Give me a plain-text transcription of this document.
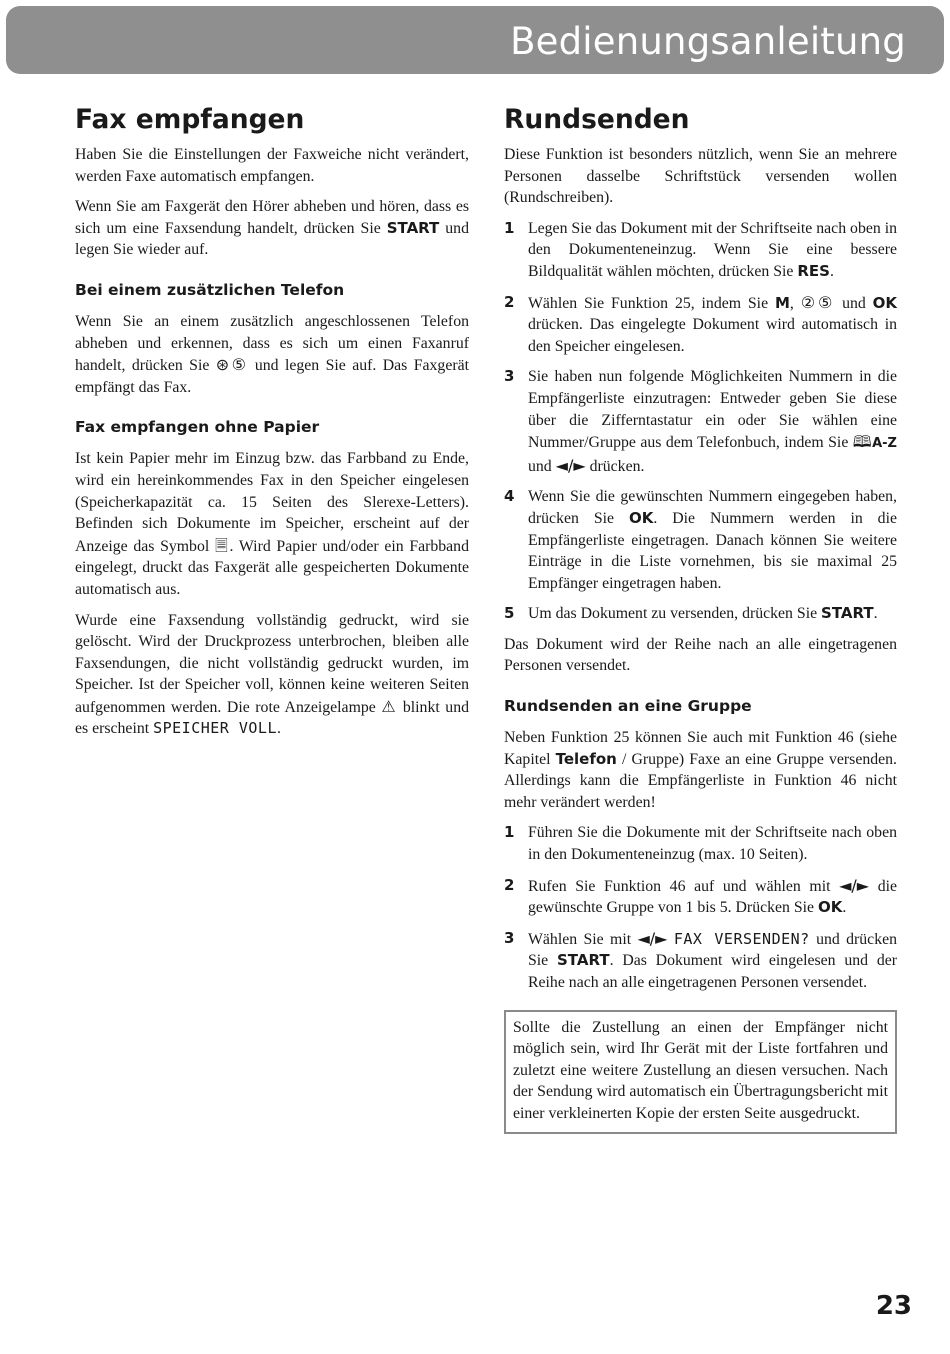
Bedienungsanleitung
Fax empfangen

Haben Sie die Einstellungen der Faxweiche nicht verändert, werden Faxe automatisch empfangen.

Wenn Sie am Faxgerät den Hörer abheben und hören, dass es sich um eine Faxsendung handelt, drücken Sie START und legen Sie wieder auf.

Bei einem zusätzlichen Telefon

Wenn Sie an einem zusätzlich angeschlossenen Telefon abheben und erkennen, dass es sich um einen Faxanruf handelt, drücken Sie ⊛⑤ und legen Sie auf. Das Faxgerät empfängt das Fax.

Fax empfangen ohne Papier

Ist kein Papier mehr im Einzug bzw. das Farbband zu Ende, wird ein hereinkommendes Fax in den Speicher eingelesen (Speicherkapazität ca. 15 Seiten des Slerexe-Letters). Befinden sich Dokumente im Speicher, erscheint auf der Anzeige das Symbol 🗏. Wird Papier und/oder ein Farbband eingelegt, druckt das Faxgerät alle gespeicherten Dokumente automatisch aus.

Wurde eine Faxsendung vollständig gedruckt, wird sie gelöscht. Wird der Druckprozess unterbrochen, bleiben alle Faxsendungen, die nicht vollständig gedruckt wurden, im Speicher. Ist der Speicher voll, können keine weiteren Seiten aufgenommen werden. Die rote Anzeigelampe ⚠ blinkt und es erscheint SPEICHER VOLL.

Rundsenden

Diese Funktion ist besonders nützlich, wenn Sie an mehrere Personen dasselbe Schriftstück versenden wollen (Rundschreiben).

1 Legen Sie das Dokument mit der Schriftseite nach oben in den Dokumenteneinzug. Wenn Sie eine bessere Bildqualität wählen möchten, drücken Sie RES.

2 Wählen Sie Funktion 25, indem Sie M, ②⑤ und OK drücken. Das eingelegte Dokument wird automatisch in den Speicher eingelesen.

3 Sie haben nun folgende Möglichkeiten Nummern in die Empfängerliste einzutragen: Entweder geben Sie diese über die Zifferntastatur ein oder Sie wählen eine Nummer/Gruppe aus dem Telefonbuch, indem Sie 🕮A-Z und ◄/► drücken.

4 Wenn Sie die gewünschten Nummern eingegeben haben, drücken Sie OK. Die Nummern werden in die Empfängerliste eingetragen. Danach können Sie weitere Einträge in die Liste vornehmen, bis sie maximal 25 Empfänger eingetragen haben.

5 Um das Dokument zu versenden, drücken Sie START.

Das Dokument wird der Reihe nach an alle eingetragenen Personen versendet.

Rundsenden an eine Gruppe

Neben Funktion 25 können Sie auch mit Funktion 46 (siehe Kapitel Telefon / Gruppe) Faxe an eine Gruppe versenden. Allerdings kann die Empfängerliste in Funktion 46 nicht mehr verändert werden!

1 Führen Sie die Dokumente mit der Schriftseite nach oben in den Dokumenteneinzug (max. 10 Seiten).

2 Rufen Sie Funktion 46 auf und wählen mit ◄/► die gewünschte Gruppe von 1 bis 5. Drücken Sie OK.

3 Wählen Sie mit ◄/► FAX VERSENDEN? und drücken Sie START. Das Dokument wird eingelesen und der Reihe nach an alle eingetragenen Personen versendet.

Sollte die Zustellung an einen der Empfänger nicht möglich sein, wird Ihr Gerät mit der Liste fortfahren und zuletzt eine weitere Zustellung an diesen versuchen. Nach der Sendung wird automatisch ein Übertragungsbericht mit einer verkleinerten Kopie der ersten Seite ausgedruckt.

23
